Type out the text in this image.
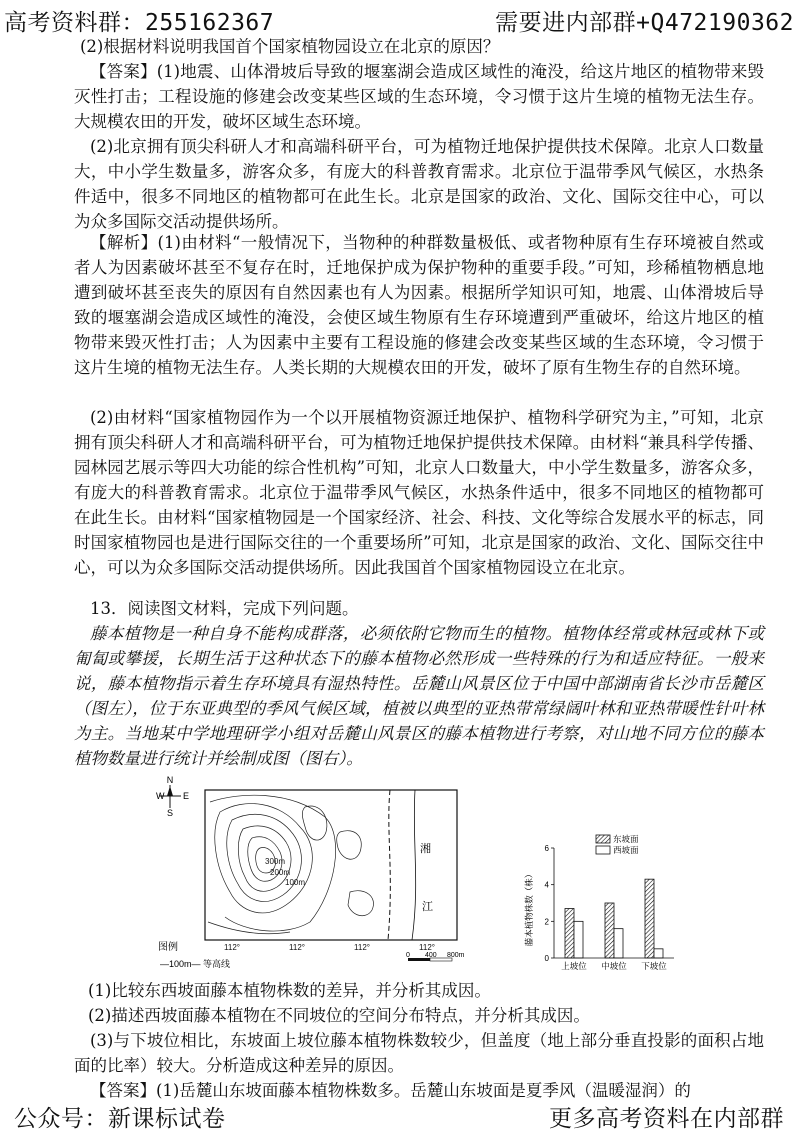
高考资料群：255162367	需要进内部群+Q472190362
(2)根据材料说明我国首个国家植物园设立在北京的原因？
【答案】(1)地震、山体滑坡后导致的堰塞湖会造成区域性的淹没，给这片地区的植物带来毁灭性打击；工程设施的修建会改变某些区域的生态环境，令习惯于这片生境的植物无法生存。大规模农田的开发，破坏区域生态环境。
(2)北京拥有顶尖科研人才和高端科研平台，可为植物迁地保护提供技术保障。北京人口数量大，中小学生数量多，游客众多，有庞大的科普教育需求。北京位于温带季风气候区，水热条件适中，很多不同地区的植物都可在此生长。北京是国家的政治、文化、国际交往中心，可以为众多国际交活动提供场所。
【解析】(1)由材料“一般情况下，当物种的种群数量极低、或者物种原有生存环境被自然或者人为因素破坏甚至不复存在时，迁地保护成为保护物种的重要手段。”可知，珍稀植物栖息地遭到破坏甚至丧失的原因有自然因素也有人为因素。根据所学知识可知，地震、山体滑坡后导致的堰塞湖会造成区域性的淹没，会使区域生物原有生存环境遭到严重破坏，给这片地区的植物带来毁灭性打击；人为因素中主要有工程设施的修建会改变某些区域的生态环境，令习惯于这片生境的植物无法生存。人类长期的大规模农田的开发，破坏了原有生物生存的自然环境。
(2)由材料“国家植物园作为一个以开展植物资源迁地保护、植物科学研究为主，”可知，北京拥有顶尖科研人才和高端科研平台，可为植物迁地保护提供技术保障。由材料“兼具科学传播、园林园艺展示等四大功能的综合性机构”可知，北京人口数量大，中小学生数量多，游客众多，有庞大的科普教育需求。北京位于温带季风气候区，水热条件适中，很多不同地区的植物都可在此生长。由材料“国家植物园是一个国家经济、社会、科技、文化等综合发展水平的标志，同时国家植物园也是进行国际交往的一个重要场所”可知，北京是国家的政治、文化、国际交往中心，可以为众多国际交活动提供场所。因此我国首个国家植物园设立在北京。
13．阅读图文材料，完成下列问题。
藤本植物是一种自身不能构成群落，必须依附它物而生的植物。植物体经常或林冠或林下或匍匐或攀援，长期生活于这种状态下的藤本植物必然形成一些特殊的行为和适应特征。一般来说，藤本植物指示着生存环境具有湿热特性。岳麓山风景区位于中国中部湖南省长沙市岳麓区（图左），位于东亚典型的季风气候区域，植被以典型的亚热带常绿阔叶林和亚热带暖性针叶林为主。当地某中学地理研学小组对岳麓山风景区的藤本植物进行考察，对山地不同方位的藤本植物数量进行统计并绘制成图（图右）。
N
W E
S
300m
200m
100m
湘
江
112°	112°	112°	112°
图例
—100m— 等高线
0 400 800m
藤本植物株数（株）
0
2
4
6
上坡位 中坡位 下坡位
东坡面
西坡面
(1)比较东西坡面藤本植物株数的差异，并分析其成因。
(2)描述西坡面藤本植物在不同坡位的空间分布特点，并分析其成因。
(3)与下坡位相比，东坡面上坡位藤本植物株数较少，但盖度（地上部分垂直投影的面积占地面的比率）较大。分析造成这种差异的原因。
【答案】(1)岳麓山东坡面藤本植物株数多。岳麓山东坡面是夏季风（温暖湿润）的
公众号：新课标试卷	更多高考资料在内部群
